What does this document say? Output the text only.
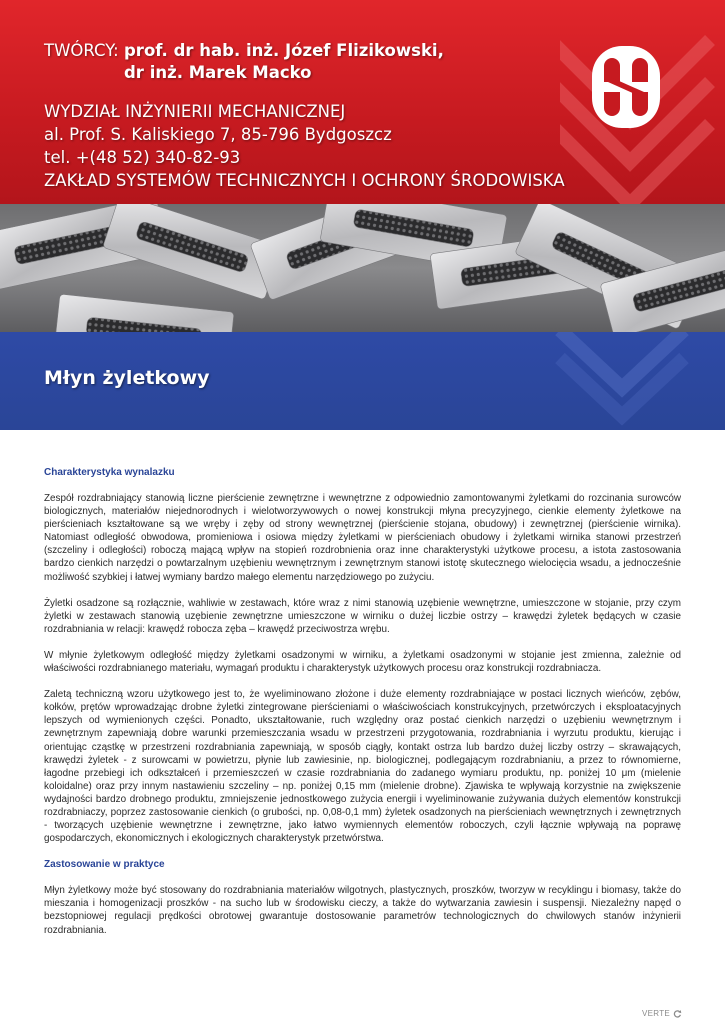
TWÓRCY: prof. dr hab. inż. Józef Flizikowski,
dr inż. Marek Macko
WYDZIAŁ INŻYNIERII MECHANICZNEJ
al. Prof. S. Kaliskiego 7, 85-796 Bydgoszcz
tel. +(48 52) 340-82-93
ZAKŁAD SYSTEMÓW TECHNICZNYCH I OCHRONY ŚRODOWISKA
Młyn żyletkowy
Charakterystyka wynalazku

Zespół rozdrabniający stanowią liczne pierścienie zewnętrzne i wewnętrzne z odpowiednio zamontowanymi żyletkami do rozcinania surowców biologicznych, materiałów niejednorodnych i wielotworzywowych o nowej konstrukcji młyna precyzyjnego, cienkie elementy żyletkowe na pierścieniach kształtowane są we wręby i zęby od strony wewnętrznej (pierścienie stojana, obudowy) i zewnętrznej (pierścienie wirnika). Natomiast odległość obwodowa, promieniowa i osiowa między żyletkami w pierścieniach obudowy i żyletkami wirnika stanowi przestrzeń (szczeliny i odległości) roboczą mającą wpływ na stopień rozdrobnienia oraz inne charakterystyki użytkowe procesu, a istota zastosowania bardzo cienkich narzędzi o powtarzalnym uzębieniu wewnętrznym i zewnętrznym stanowi istotę skutecznego wielocięcia wsadu, a jednocześnie możliwość szybkiej i łatwej wymiany bardzo małego elementu narzędziowego po zużyciu.

Żyletki osadzone są rozłącznie, wahliwie w zestawach, które wraz z nimi stanowią uzębienie wewnętrzne, umieszczone w stojanie, przy czym żyletki w zestawach stanowią uzębienie zewnętrzne umieszczone w wirniku o dużej liczbie ostrzy – krawędzi żyletek będących w czasie rozdrabniania w relacji: krawędź robocza zęba – krawędź przeciwostrza wrębu.

W młynie żyletkowym odległość między żyletkami osadzonymi w wirniku, a żyletkami osadzonymi w stojanie jest zmienna, zależnie od właściwości rozdrabnianego materiału, wymagań produktu i charakterystyk użytkowych procesu oraz konstrukcji rozdrabniacza.

Zaletą techniczną wzoru użytkowego jest to, że wyeliminowano złożone i duże elementy rozdrabniające w postaci licznych wieńców, zębów, kołków, prętów wprowadzając drobne żyletki zintegrowane pierścieniami o właściwościach konstrukcyjnych, przetwórczych i eksploatacyjnych lepszych od wymienionych części. Ponadto, ukształtowanie, ruch względny oraz postać cienkich narzędzi o uzębieniu wewnętrznym i zewnętrznym zapewniają dobre warunki przemieszczania wsadu w przestrzeni przygotowania, rozdrabniania i wyrzutu produktu, kierując i orientując cząstkę w przestrzeni rozdrabniania zapewniają, w sposób ciągły, kontakt ostrza lub bardzo dużej liczby ostrzy – skrawających, krawędzi żyletek - z surowcami w powietrzu, płynie lub zawiesinie, np. biologicznej, podlegającym rozdrabnianiu, a przez to równomierne, łagodne przebiegi ich odkształceń i przemieszczeń w czasie rozdrabniania do zadanego wymiaru produktu, np. poniżej 10 μm (mielenie koloidalne) oraz przy innym nastawieniu szczeliny – np. poniżej 0,15 mm (mielenie drobne). Zjawiska te wpływają korzystnie na zwiększenie wydajności bardzo drobnego produktu, zmniejszenie jednostkowego zużycia energii i wyeliminowanie zużywania dużych elementów konstrukcji rozdrabniaczy, poprzez zastosowanie cienkich (o grubości, np. 0,08-0,1 mm) żyletek osadzonych na pierścieniach wewnętrznych i zewnętrznych - tworzących uzębienie wewnętrzne i zewnętrzne, jako łatwo wymiennych elementów roboczych, czyli łącznie wpływają na poprawę gospodarczych, ekonomicznych i ekologicznych charakterystyk przetwórstwa.

Zastosowanie w praktyce

Młyn żyletkowy może być stosowany do rozdrabniania materiałów wilgotnych, plastycznych, proszków, tworzyw w recyklingu i biomasy, także do mieszania i homogenizacji proszków - na sucho lub w środowisku cieczy, a także do wytwarzania zawiesin i suspensji. Niezależny napęd o bezstopniowej regulacji prędkości obrotowej gwarantuje dostosowanie parametrów technologicznych do chwilowych stanów inżynierii rozdrabniania.

VERTE
